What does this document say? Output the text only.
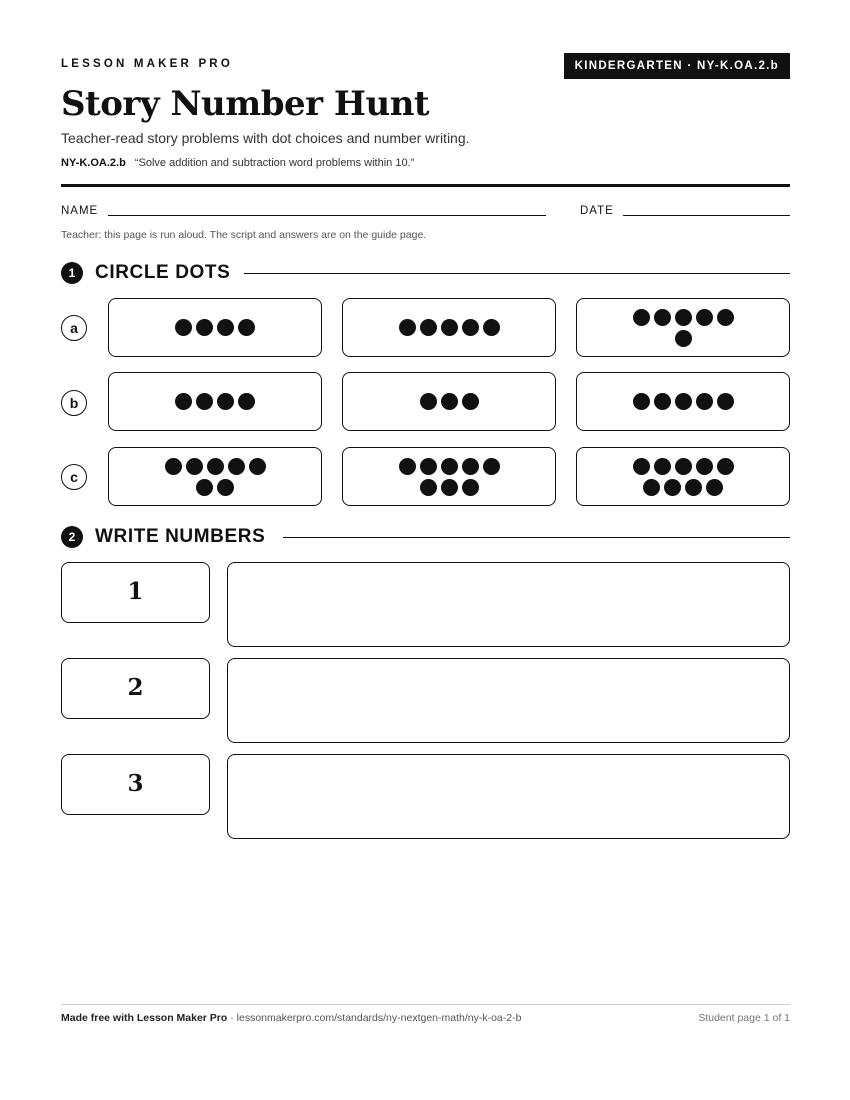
LESSON MAKER PRO	KINDERGARTEN · NY-K.OA.2.b
Story Number Hunt
Teacher-read story problems with dot choices and number writing.
NY-K.OA.2.b “Solve addition and subtraction word problems within 10.”
NAME	DATE
Teacher: this page is run aloud. The script and answers are on the guide page.
1	CIRCLE DOTS
a
b
c
2	WRITE NUMBERS
1
2
3
Made free with Lesson Maker Pro · lessonmakerpro.com/standards/ny-nextgen-math/ny-k-oa-2-b	Student page 1 of 1
